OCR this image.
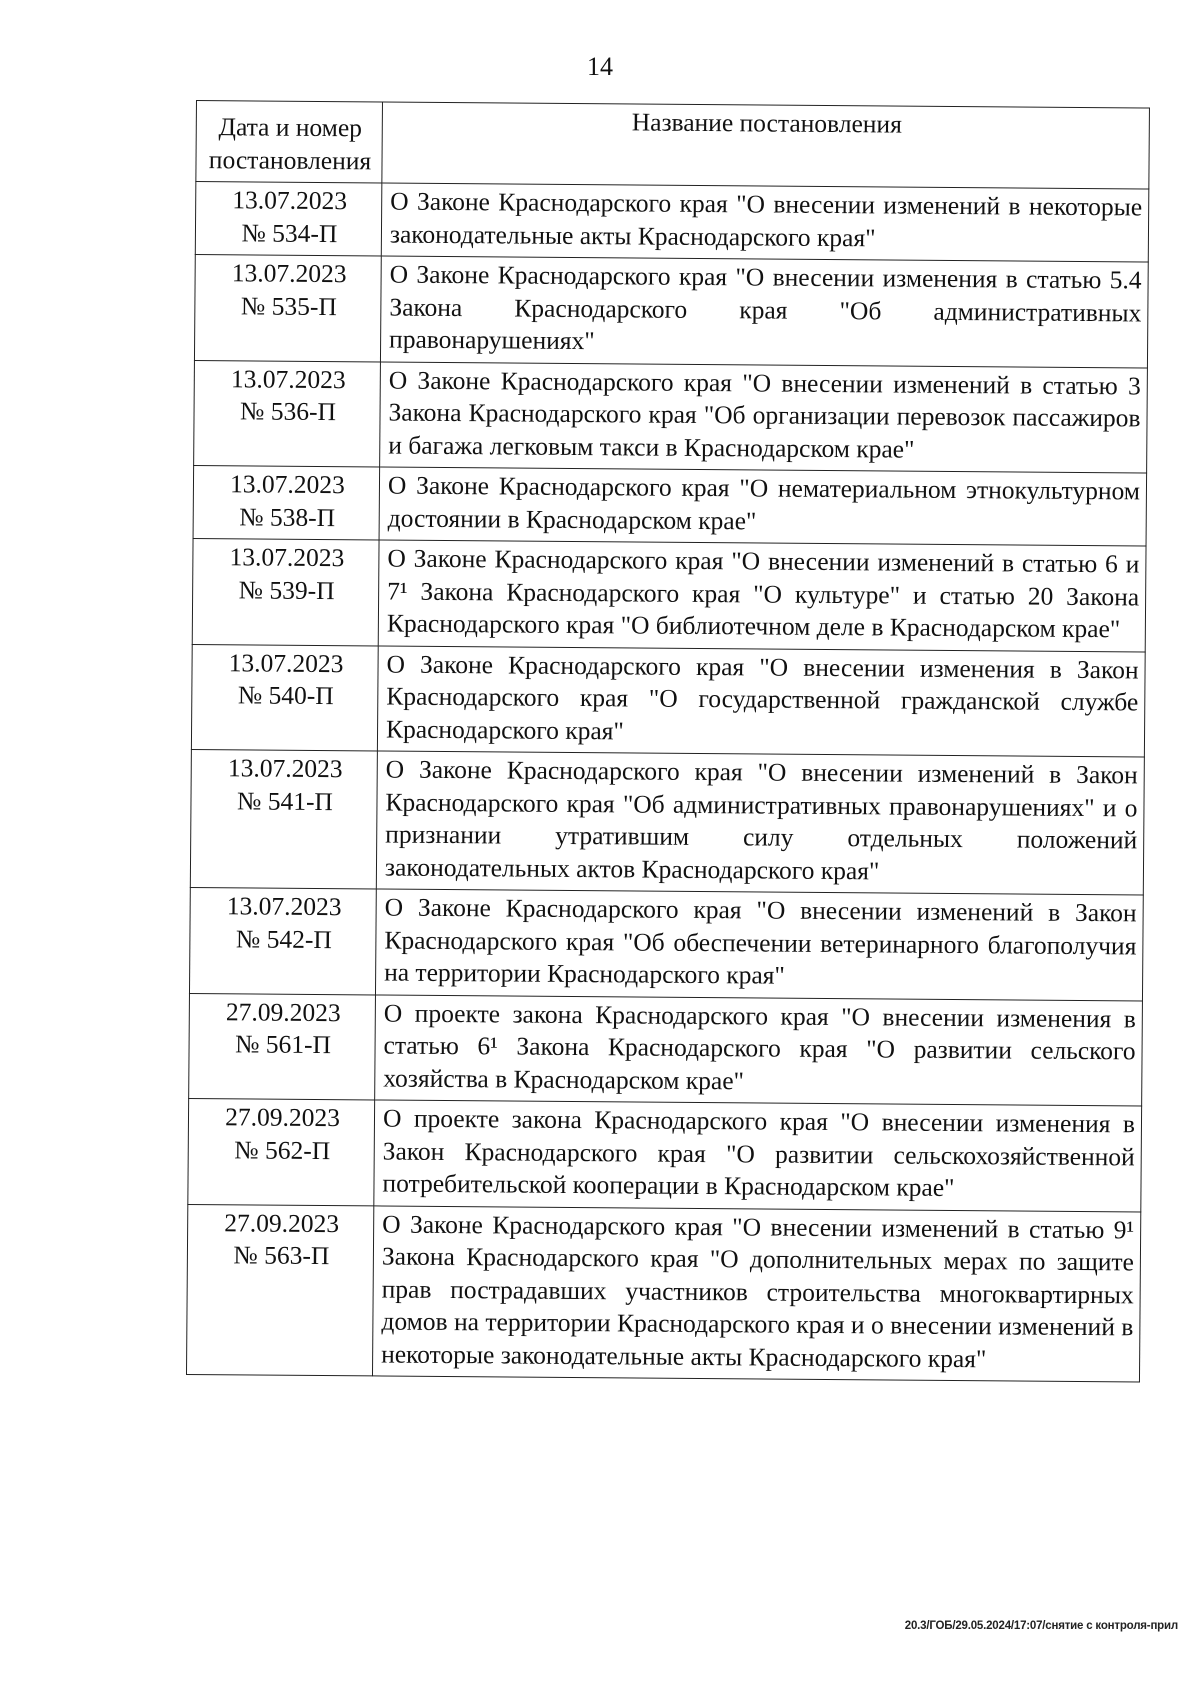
14
Дата и номер постановления	Название постановления

13.07.2023
№ 534-П	О Законе Краснодарского края "О внесении изменений в некоторые законодательные акты Краснодарского края"

13.07.2023
№ 535-П	О Законе Краснодарского края "О внесении изменения в статью 5.4 Закона Краснодарского края "Об административных правонарушениях"

13.07.2023
№ 536-П	О Законе Краснодарского края "О внесении изменений в статью 3 Закона Краснодарского края "Об организации перевозок пассажиров и багажа легковым такси в Краснодарском крае"

13.07.2023
№ 538-П	О Законе Краснодарского края "О нематериальном этнокультурном достоянии в Краснодарском крае"

13.07.2023
№ 539-П	О Законе Краснодарского края "О внесении изменений в статью 6 и 7¹ Закона Краснодарского края "О культуре" и статью 20 Закона Краснодарского края "О библиотечном деле в Краснодарском крае"

13.07.2023
№ 540-П	О Законе Краснодарского края "О внесении изменения в Закон Краснодарского края "О государственной гражданской службе Краснодарского края"

13.07.2023
№ 541-П	О Законе Краснодарского края "О внесении изменений в Закон Краснодарского края "Об административных правонарушениях" и о признании утратившим силу отдельных положений законодательных актов Краснодарского края"

13.07.2023
№ 542-П	О Законе Краснодарского края "О внесении изменений в Закон Краснодарского края "Об обеспечении ветеринарного благополучия на территории Краснодарского края"

27.09.2023
№ 561-П	О проекте закона Краснодарского края "О внесении изменения в статью 6¹ Закона Краснодарского края "О развитии сельского хозяйства в Краснодарском крае"

27.09.2023
№ 562-П	О проекте закона Краснодарского края "О внесении изменения в Закон Краснодарского края "О развитии сельскохозяйственной потребительской кооперации в Краснодарском крае"

27.09.2023
№ 563-П	О Законе Краснодарского края "О внесении изменений в статью 9¹ Закона Краснодарского края "О дополнительных мерах по защите прав пострадавших участников строительства многоквартирных домов на территории Краснодарского края и о внесении изменений в некоторые законодательные акты Краснодарского края"
20.3/ГОБ/29.05.2024/17:07/снятие с контроля-прил
